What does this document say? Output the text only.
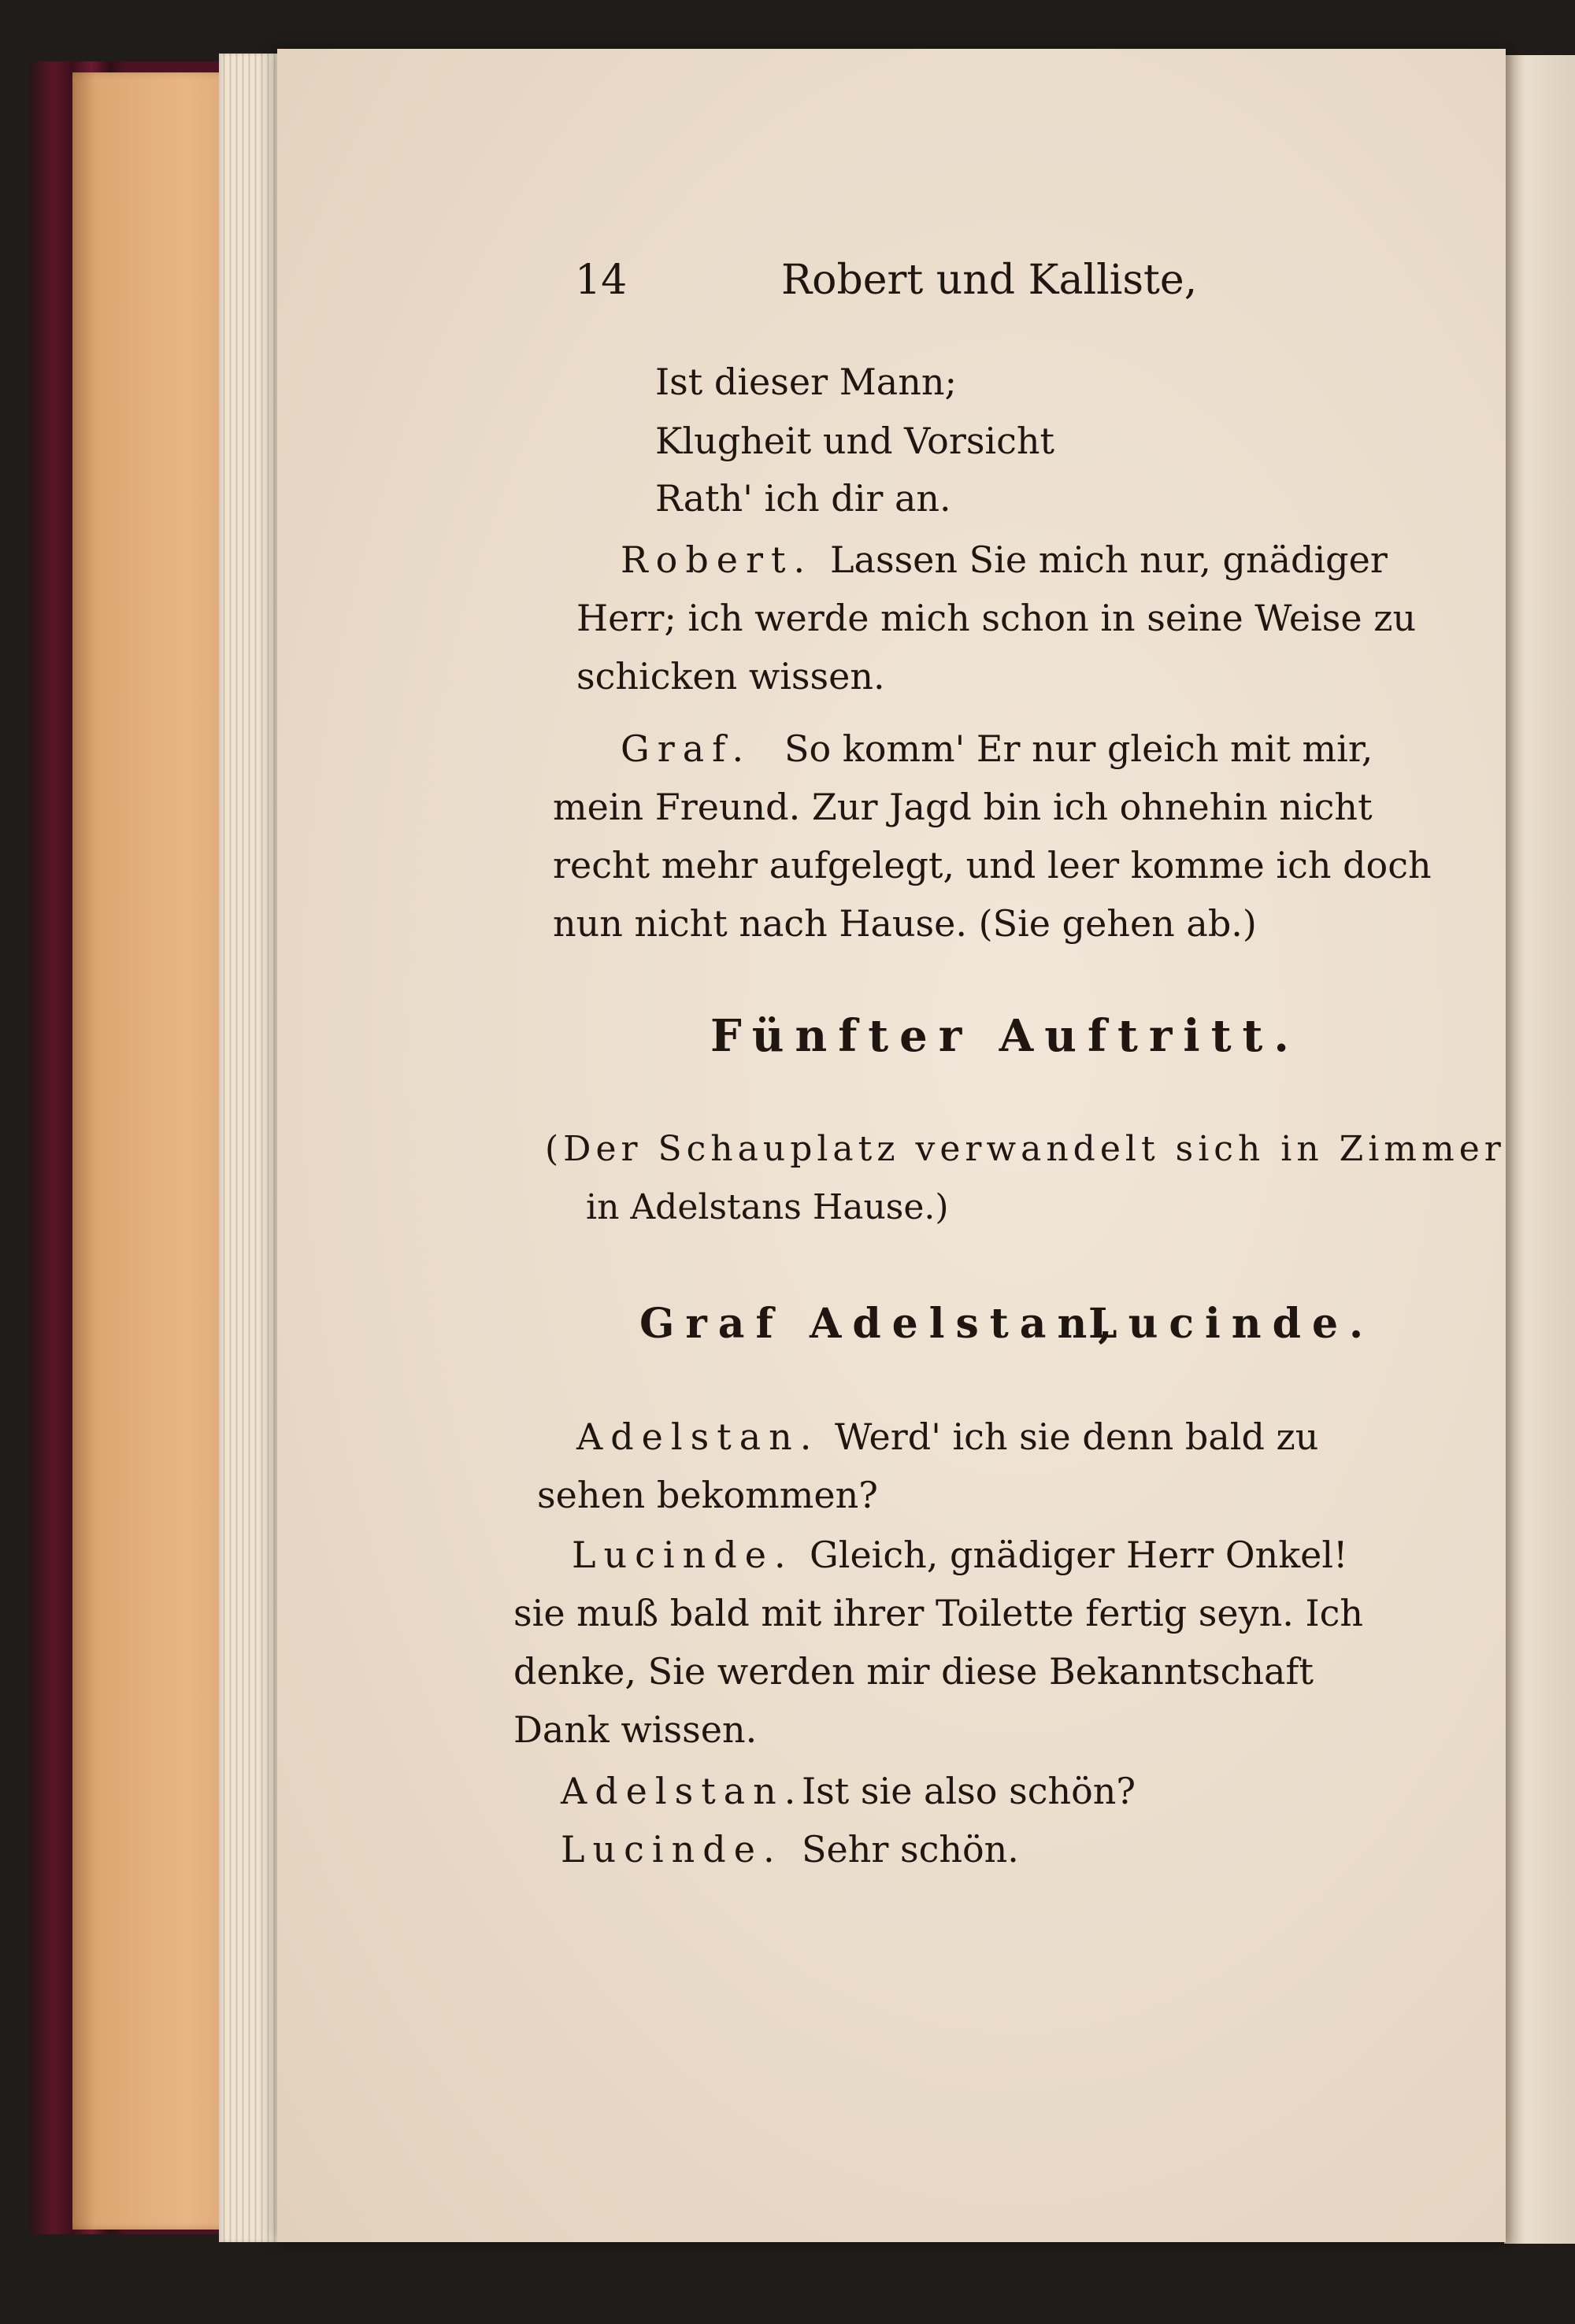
14	Robert und Kalliste,
Ist dieser Mann;
Klugheit und Vorsicht
Rath' ich dir an.
Robert. Lassen Sie mich nur, gnädiger
Herr; ich werde mich schon in seine Weise zu
schicken wissen.
Graf. So komm' Er nur gleich mit mir,
mein Freund. Zur Jagd bin ich ohnehin nicht
recht mehr aufgelegt, und leer komme ich doch
nun nicht nach Hause. (Sie gehen ab.)
Fünfter Auftritt.
(Der Schauplatz verwandelt sich in Zimmer
in Adelstans Hause.)
Graf Adelstan,
Lucinde.
Adelstan. Werd' ich sie denn bald zu
sehen bekommen?
Lucinde. Gleich, gnädiger Herr Onkel!
sie muß bald mit ihrer Toilette fertig seyn. Ich
denke, Sie werden mir diese Bekanntschaft
Dank wissen.
Adelstan.
Ist sie also schön?
Lucinde. Sehr schön.
